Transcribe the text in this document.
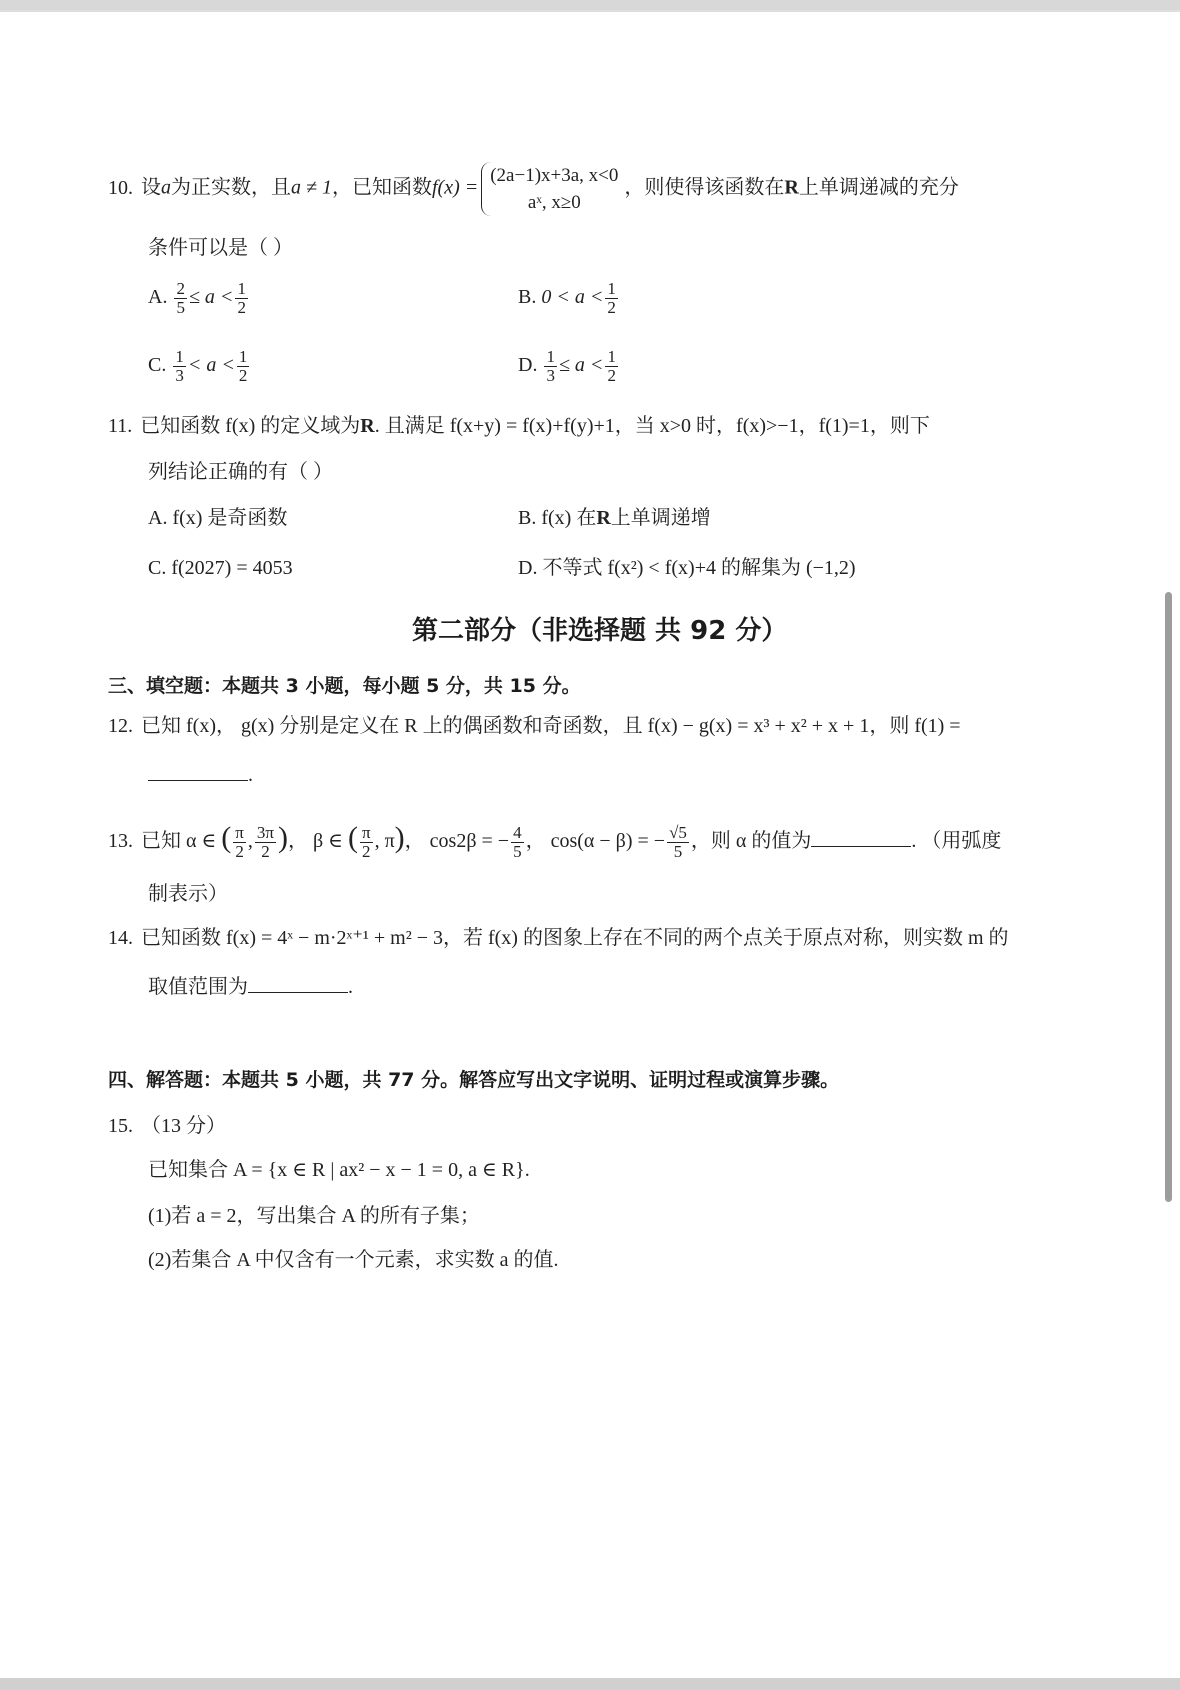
10. 设a为正实数，且a ≠ 1，已知函数f(x) =
(2a−1)x+3a, x<0
aˣ, x≥0
，则使得该函数在R上单调递减的充分
条件可以是（ ）
A. $\frac{2}{5} \le a < \frac{1}{2}$	B. $0 < a < \frac{1}{2}$
C. $\frac{1}{3} < a < \frac{1}{2}$	D. $\frac{1}{3} \le a < \frac{1}{2}$
11. 已知函数 f(x) 的定义域为R. 且满足 f(x+y) = f(x)+f(y)+1，当 x>0 时，f(x)>−1，f(1)=1，则下
列结论正确的有（ ）
A. f(x) 是奇函数	B. f(x) 在R上单调递增
C. f(2027) = 4053	D. 不等式 f(x²) < f(x)+4 的解集为 (−1,2)
第二部分（非选择题 共 92 分）
三、填空题：本题共 3 小题，每小题 5 分，共 15 分。
12. 已知 f(x)， g(x) 分别是定义在 R 上的偶函数和奇函数，且 f(x) − g(x) = x³ + x² + x + 1，则 f(1) =
.
13. 已知 α ∈ ( $\frac{\pi}{2}$ , $\frac{3\pi}{2}$ )， β ∈ ( $\frac{\pi}{2}$ , π)， cos2β = − $\frac{4}{5}$ ， cos(α − β) = − $\frac{√5}{5}$ ，则 α 的值为	. （用弧度
制表示）
14. 已知函数 f(x) = 4ˣ − m·2ˣ⁺¹ + m² − 3，若 f(x) 的图象上存在不同的两个点关于原点对称，则实数 m 的
取值范围为	.
四、解答题：本题共 5 小题，共 77 分。解答应写出文字说明、证明过程或演算步骤。
15. （13 分）
已知集合 A = {x ∈ R | ax² − x − 1 = 0, a ∈ R}.
(1)若 a = 2，写出集合 A 的所有子集；
(2)若集合 A 中仅含有一个元素，求实数 a 的值.
